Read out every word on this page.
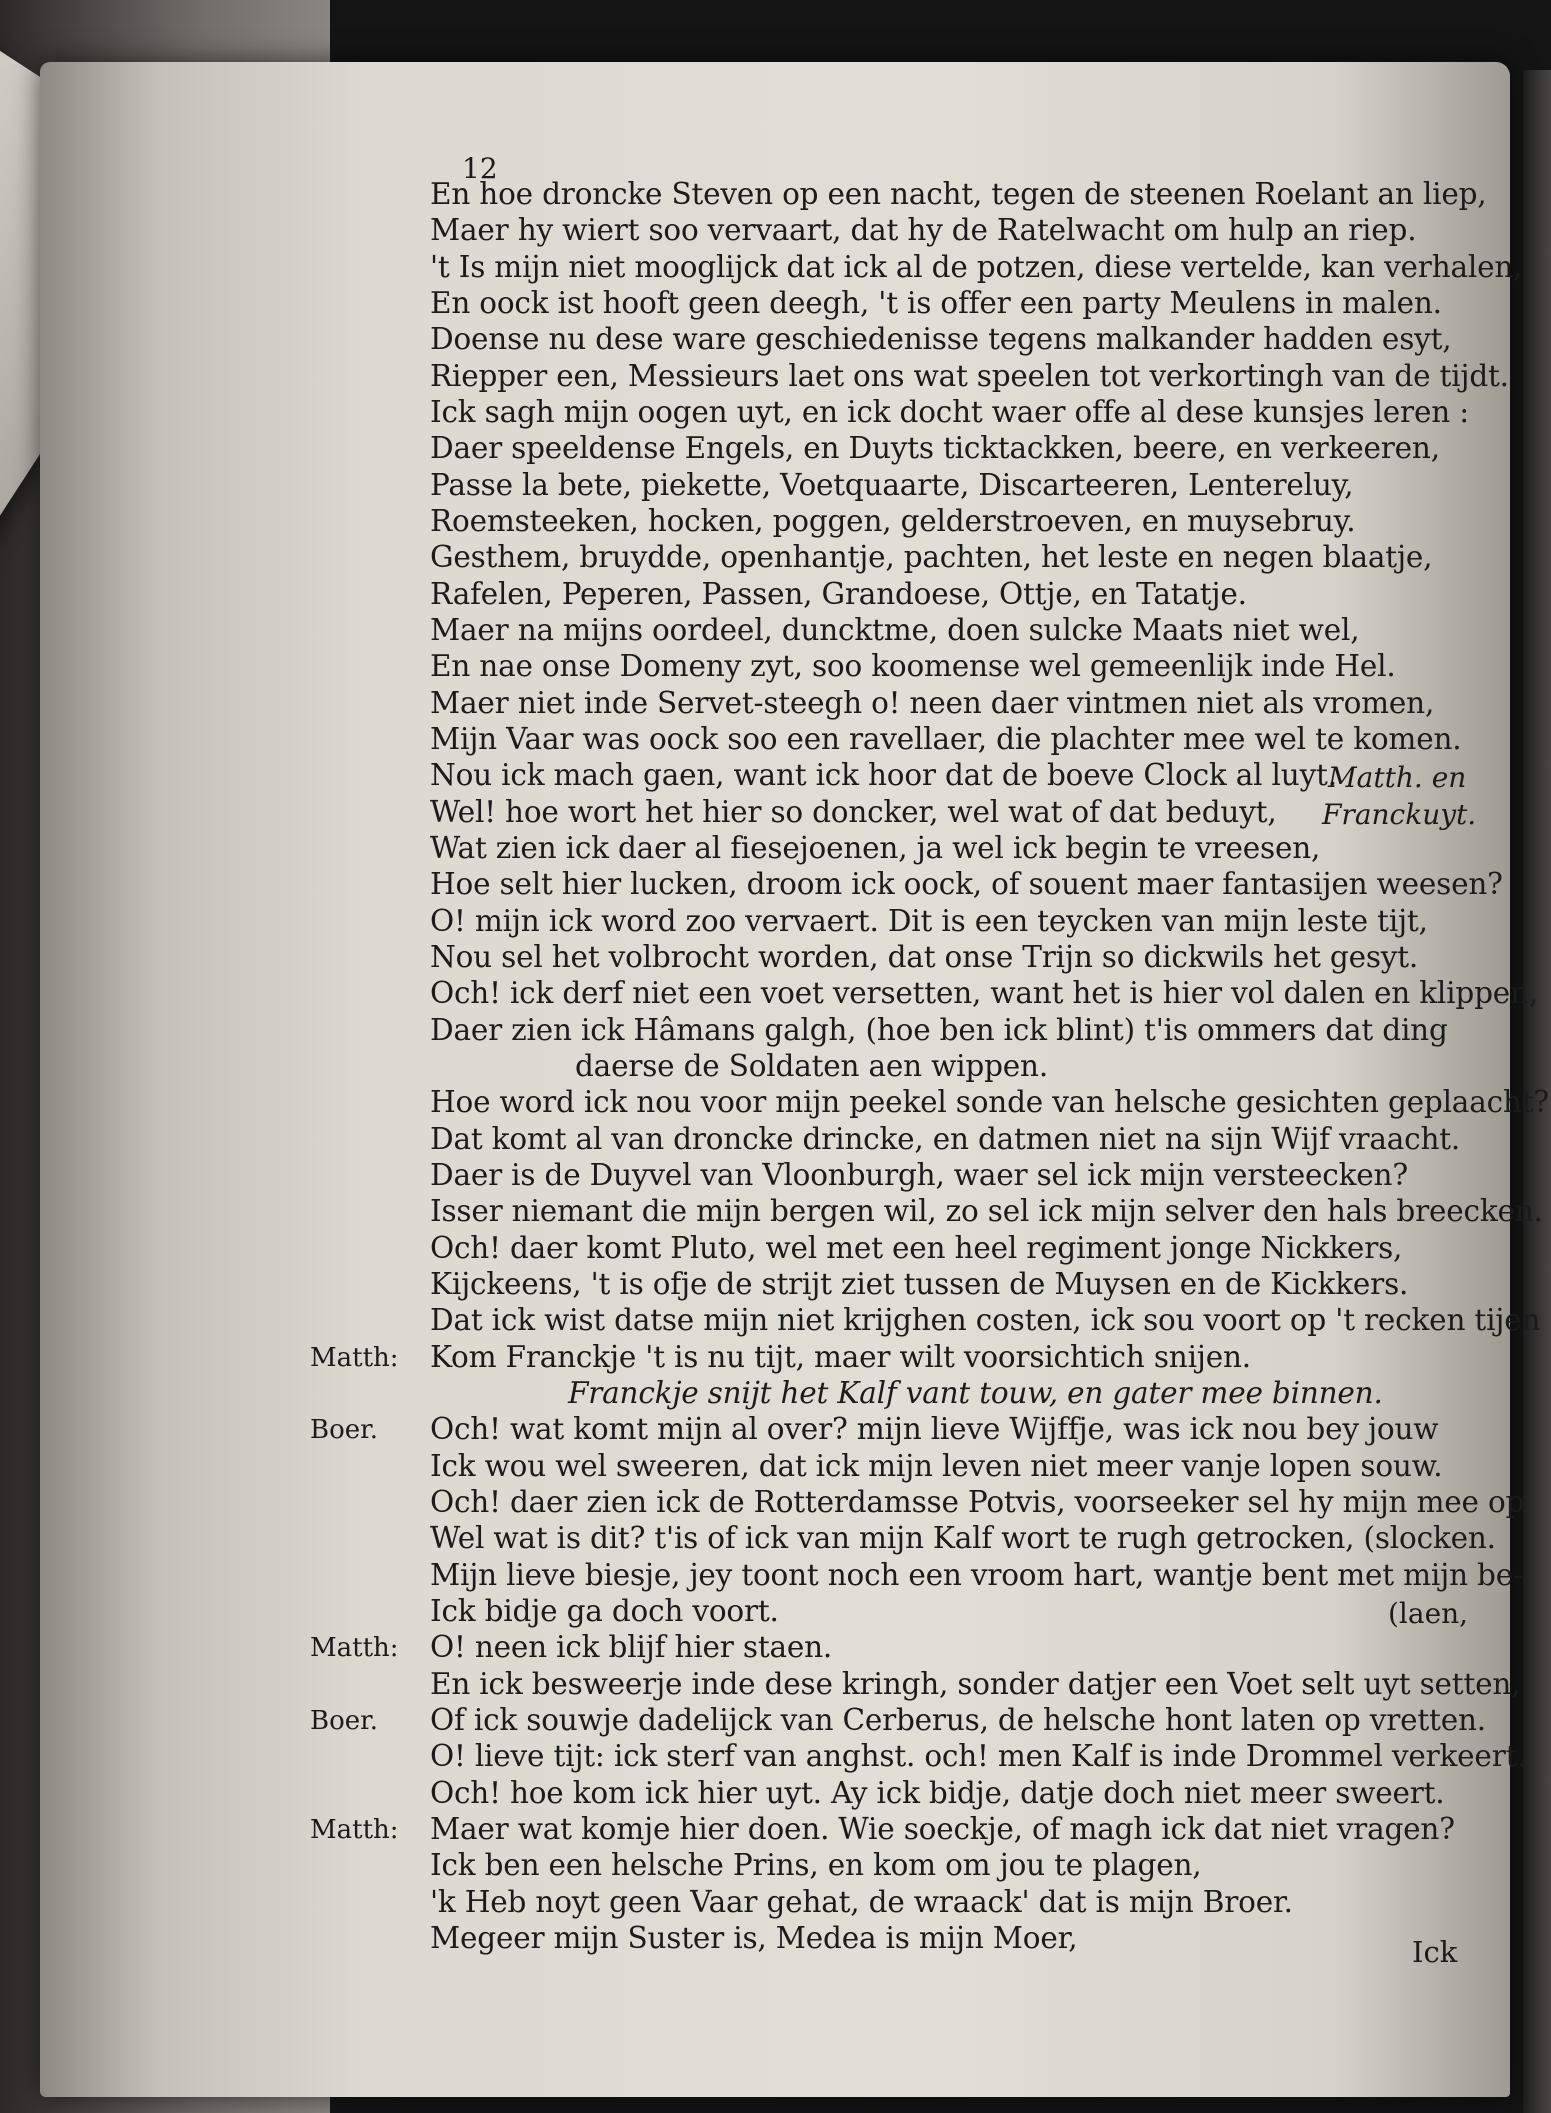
12
En hoe droncke Steven op een nacht, tegen de steenen Roelant an liep,
Maer hy wiert soo vervaart, dat hy de Ratelwacht om hulp an riep.
't Is mijn niet mooglijck dat ick al de potzen, diese vertelde, kan verhalen,
En oock ist hooft geen deegh, 't is offer een party Meulens in malen.
Doense nu dese ware geschiedenisse tegens malkander hadden esyt,
Riepper een, Messieurs laet ons wat speelen tot verkortingh van de tijdt.
Ick sagh mijn oogen uyt, en ick docht waer offe al dese kunsjes leren :
Daer speeldense Engels, en Duyts ticktackken, beere, en verkeeren,
Passe la bete, piekette, Voetquaarte, Discarteeren, Lentereluy,
Roemsteeken, hocken, poggen, gelderstroeven, en muysebruy.
Gesthem, bruydde, openhantje, pachten, het leste en negen blaatje,
Rafelen, Peperen, Passen, Grandoese, Ottje, en Tatatje.
Maer na mijns oordeel, duncktme, doen sulcke Maats niet wel,
En nae onse Domeny zyt, soo koomense wel gemeenlijk inde Hel.
Maer niet inde Servet-steegh o! neen daer vintmen niet als vromen,
Mijn Vaar was oock soo een ravellaer, die plachter mee wel te komen.
Nou ick mach gaen, want ick hoor dat de boeve Clock al luyt.
Wel! hoe wort het hier so doncker, wel wat of dat beduyt,
Wat zien ick daer al fiesejoenen, ja wel ick begin te vreesen,
Hoe selt hier lucken, droom ick oock, of souent maer fantasijen weesen?
O! mijn ick word zoo vervaert. Dit is een teycken van mijn leste tijt,
Nou sel het volbrocht worden, dat onse Trijn so dickwils het gesyt.
Och! ick derf niet een voet versetten, want het is hier vol dalen en klippen,
Daer zien ick Hâmans galgh, (hoe ben ick blint) t'is ommers dat ding
daerse de Soldaten aen wippen.
Hoe word ick nou voor mijn peekel sonde van helsche gesichten geplaacht?
Dat komt al van droncke drincke, en datmen niet na sijn Wijf vraacht.
Daer is de Duyvel van Vloonburgh, waer sel ick mijn versteecken?
Isser niemant die mijn bergen wil, zo sel ick mijn selver den hals breecken.
Och! daer komt Pluto, wel met een heel regiment jonge Nickkers,
Kijckeens, 't is ofje de strijt ziet tussen de Muysen en de Kickkers.
Dat ick wist datse mijn niet krijghen costen, ick sou voort op 't recken tijen
Kom Franckje 't is nu tijt, maer wilt voorsichtich snijen.
Franckje snijt het Kalf vant touw, en gater mee binnen.
Och! wat komt mijn al over? mijn lieve Wijffje, was ick nou bey jouw
Ick wou wel sweeren, dat ick mijn leven niet meer vanje lopen souw.
Och! daer zien ick de Rotterdamsse Potvis, voorseeker sel hy mijn mee op
Wel wat is dit? t'is of ick van mijn Kalf wort te rugh getrocken, (slocken.
Mijn lieve biesje, jey toont noch een vroom hart, wantje bent met mijn be-
Ick bidje ga doch voort.
O! neen ick blijf hier staen.
En ick besweerje inde dese kringh, sonder datjer een Voet selt uyt setten,
Of ick souwje dadelijck van Cerberus, de helsche hont laten op vretten.
O! lieve tijt: ick sterf van anghst. och! men Kalf is inde Drommel verkeert.
Och! hoe kom ick hier uyt. Ay ick bidje, datje doch niet meer sweert.
Maer wat komje hier doen. Wie soeckje, of magh ick dat niet vragen?
Ick ben een helsche Prins, en kom om jou te plagen,
'k Heb noyt geen Vaar gehat, de wraack' dat is mijn Broer.
Megeer mijn Suster is, Medea is mijn Moer,
Matth:
Boer.
Matth:
Boer.
Matth:
Matth. en
Franckuyt.
(laen,
Ick
